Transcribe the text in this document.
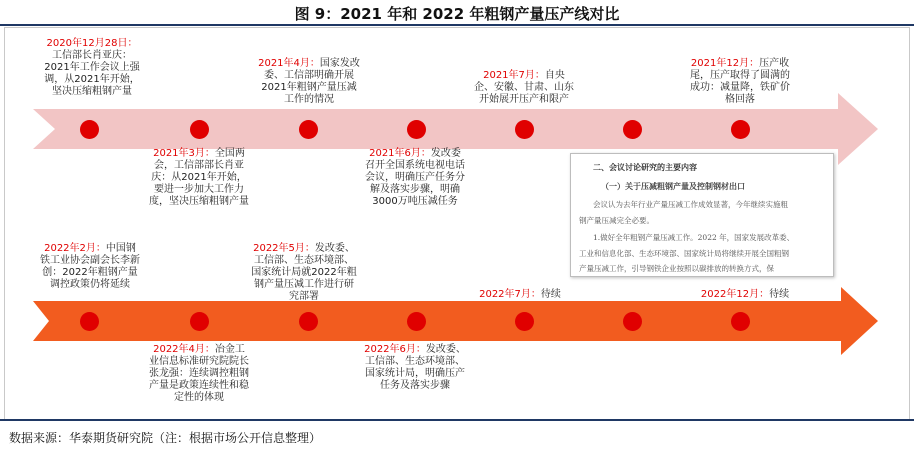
图 9：2021 年和 2022 年粗钢产量压产线对比
2020年12月28日：工信部长肖亚庆：2021年工作会议上强调，从2021年开始，坚决压缩粗钢产量
2021年4月：国家发改委、工信部明确开展2021年粗钢产量压减工作的情况
2021年7月：自央企、安徽、甘肃、山东开始展开压产和限产
2021年12月：压产收尾，压产取得了圆满的成功：减量降，铁矿价格回落
2021年3月：全国两会，工信部部长肖亚庆：从2021年开始，要进一步加大工作力度，坚决压缩粗钢产量
2021年6月：发改委召开全国系统电视电话会议，明确压产任务分解及落实步骤，明确3000万吨压减任务
2022年2月：中国钢铁工业协会副会长李新创：2022年粗钢产量调控政策仍将延续
2022年5月：发改委、工信部、生态环境部、国家统计局就2022年粗钢产量压减工作进行研究部署	2022年7月：待续	2022年12月：待续
2022年4月：冶金工业信息标准研究院院长张龙强：连续调控粗钢产量是政策连续性和稳定性的体现
2022年6月：发改委、工信部、生态环境部、国家统计局，明确压产任务及落实步骤
二、会议讨论研究的主要内容
（一）关于压减粗钢产量及控制钢材出口
会议认为去年行业产量压减工作成效显著，今年继续实施粗
钢产量压减完全必要。
1.做好全年粗钢产量压减工作。2022 年，国家发展改革委、
工业和信息化部、生态环境部、国家统计局将继续开展全国粗钢
产量压减工作，引导钢铁企业按照以碳排放的转换方式，保
数据来源：华泰期货研究院（注：根据市场公开信息整理）
